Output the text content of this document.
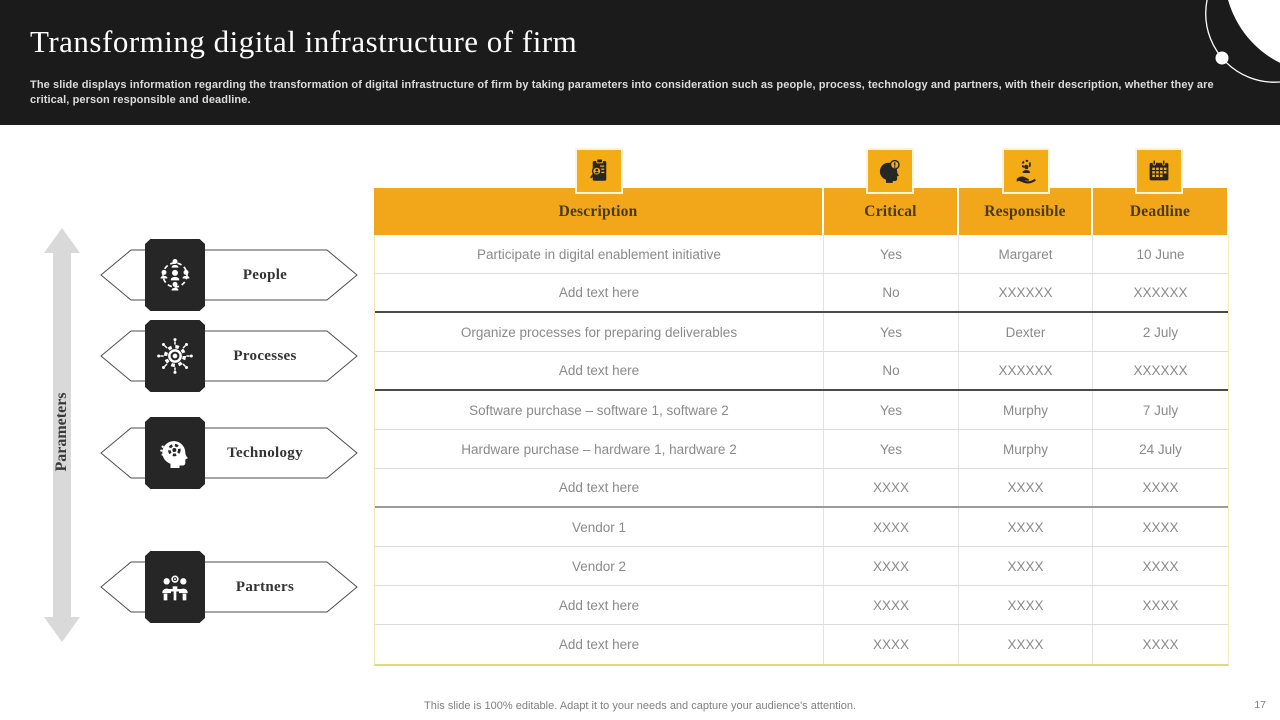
Transforming digital infrastructure of firm

The slide displays information regarding the transformation of digital infrastructure of firm by taking parameters into consideration such as people, process, technology and partners, with their description, whether they are critical, person responsible and deadline.

Parameters
People
Processes
Technology
Partners
Description	Critical	Responsible	Deadline
Participate in digital enablement initiative	Yes	Margaret	10 June
Add text here	No	XXXXXX	XXXXXX
Organize processes for preparing deliverables	Yes	Dexter	2 July
Add text here	No	XXXXXX	XXXXXX
Software purchase – software 1, software 2	Yes	Murphy	7 July
Hardware purchase – hardware 1, hardware 2	Yes	Murphy	24 July
Add text here	XXXX	XXXX	XXXX
Vendor 1	XXXX	XXXX	XXXX
Vendor 2	XXXX	XXXX	XXXX
Add text here	XXXX	XXXX	XXXX
Add text here	XXXX	XXXX	XXXX
This slide is 100% editable. Adapt it to your needs and capture your audience's attention.	17
